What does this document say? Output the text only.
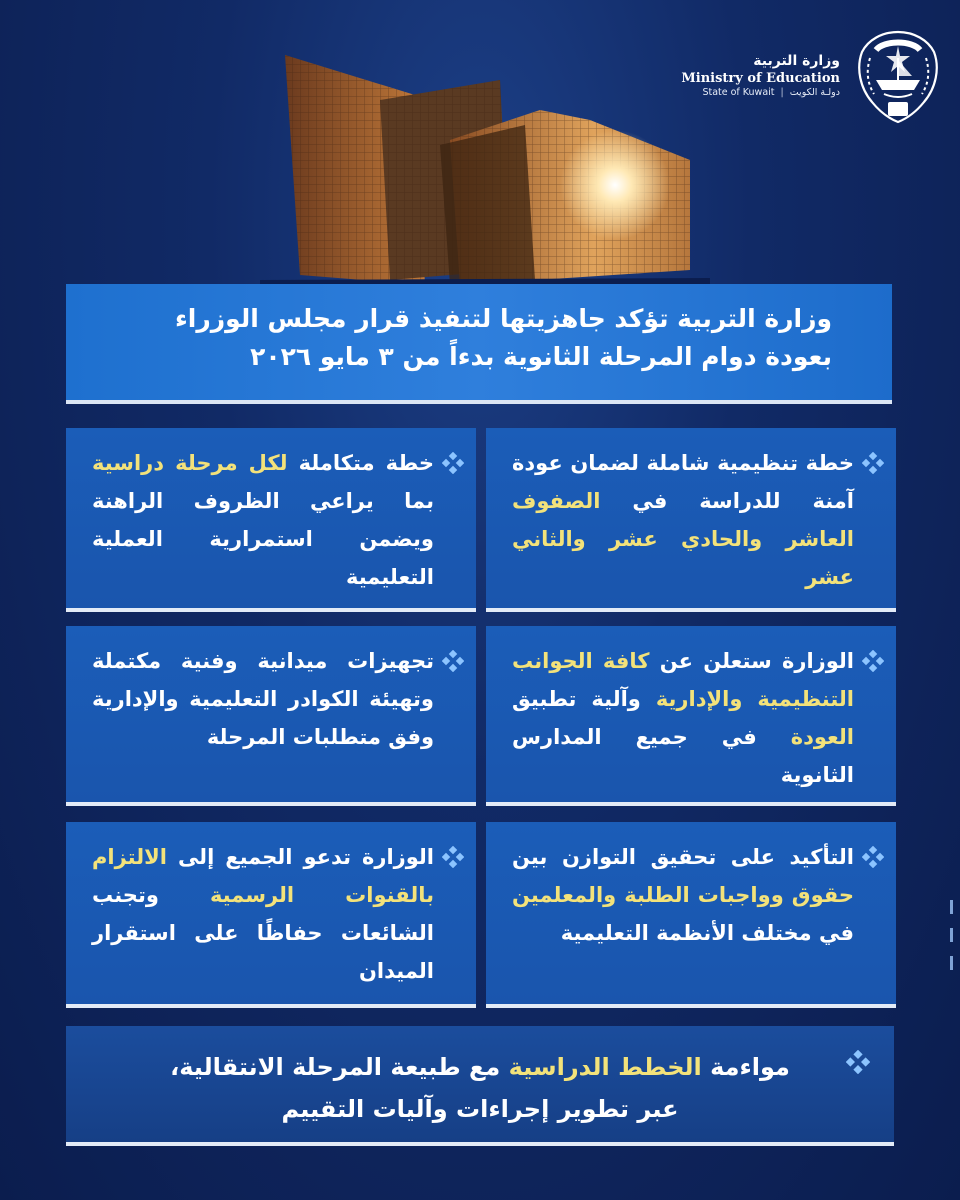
وزارة التربية
Ministry of Education
State of Kuwait | دولـة الكويت
وزارة التربية تؤكد جاهزيتها لتنفيذ قرار مجلس الوزراء
بعودة دوام المرحلة الثانوية بدءاً من ٣ مايو ٢٠٢٦

خطة تنظيمية شاملة لضمان عودة آمنة للدراسة في الصفوف العاشر والحادي عشر والثاني عشر

خطة متكاملة لكل مرحلة دراسية بما يراعي الظروف الراهنة ويضمن استمرارية العملية التعليمية

الوزارة ستعلن عن كافة الجوانب التنظيمية والإدارية وآلية تطبيق العودة في جميع المدارس الثانوية

تجهيزات ميدانية وفنية مكتملة وتهيئة الكوادر التعليمية والإدارية وفق متطلبات المرحلة

التأكيد على تحقيق التوازن بين حقوق وواجبات الطلبة والمعلمين في مختلف الأنظمة التعليمية

الوزارة تدعو الجميع إلى الالتزام بالقنوات الرسمية وتجنب الشائعات حفاظًا على استقرار الميدان

مواءمة الخطط الدراسية مع طبيعة المرحلة الانتقالية،
عبر تطوير إجراءات وآليات التقييم
